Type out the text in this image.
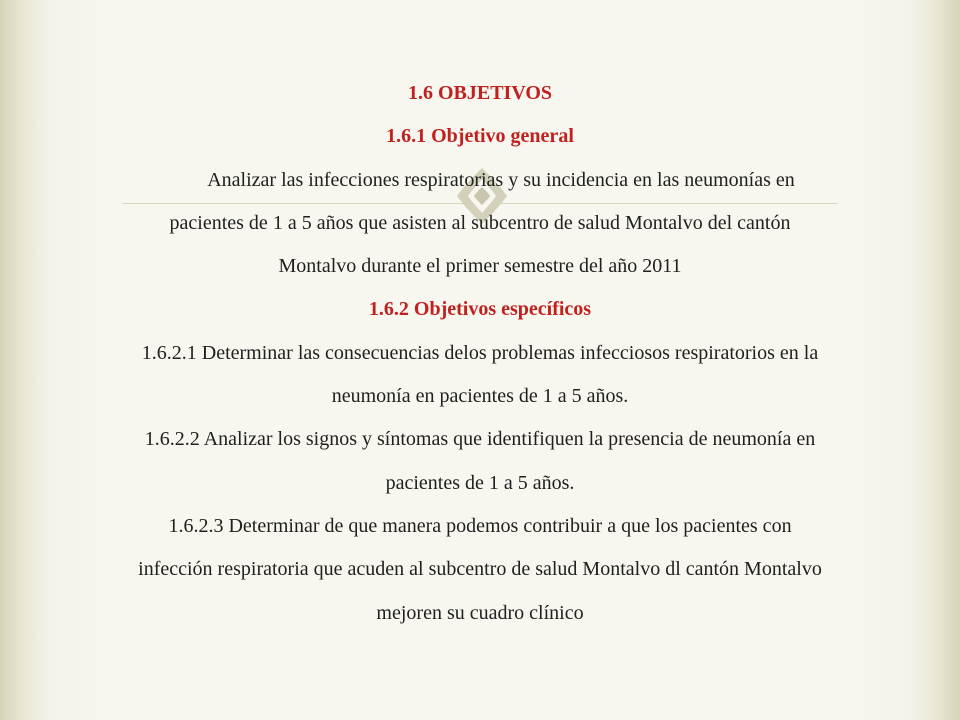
1.6 OBJETIVOS
1.6.1 Objetivo general
Analizar las infecciones respiratorias y su incidencia en las neumonías en
pacientes de 1 a 5 años que asisten al subcentro de salud Montalvo del cantón
Montalvo durante el primer semestre del año 2011
1.6.2 Objetivos específicos
1.6.2.1 Determinar las consecuencias delos problemas infecciosos respiratorios en la
neumonía en pacientes de 1 a 5 años.
1.6.2.2 Analizar los signos y síntomas que identifiquen la presencia de neumonía en
pacientes de 1 a 5 años.
1.6.2.3 Determinar de que manera podemos contribuir a que los pacientes con
infección respiratoria que acuden al subcentro de salud Montalvo dl cantón Montalvo
mejoren su cuadro clínico
